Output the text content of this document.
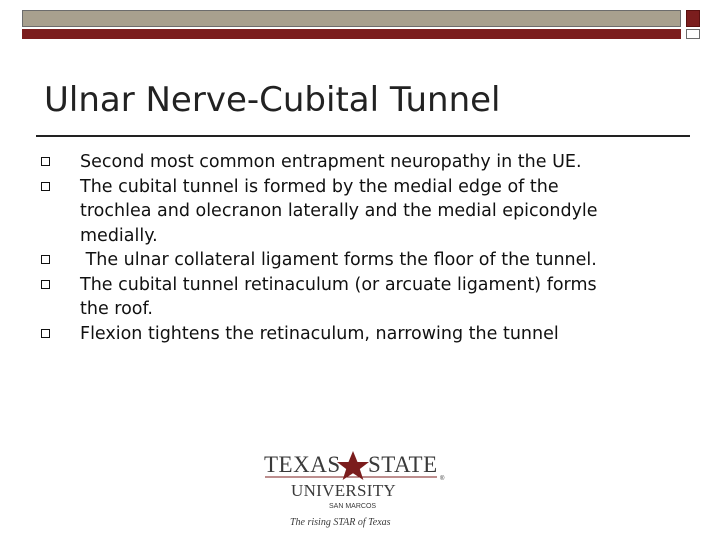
Ulnar Nerve-Cubital Tunnel
Second most common entrapment neuropathy in the UE.
The cubital tunnel is formed by the medial edge of the
trochlea and olecranon laterally and the medial epicondyle
medially.
The ulnar collateral ligament forms the floor of the tunnel.
The cubital tunnel retinaculum (or arcuate ligament) forms
the roof.
Flexion tightens the retinaculum, narrowing the tunnel
TEXAS STATE
®
UNIVERSITY
SAN MARCOS
The rising STAR of Texas
